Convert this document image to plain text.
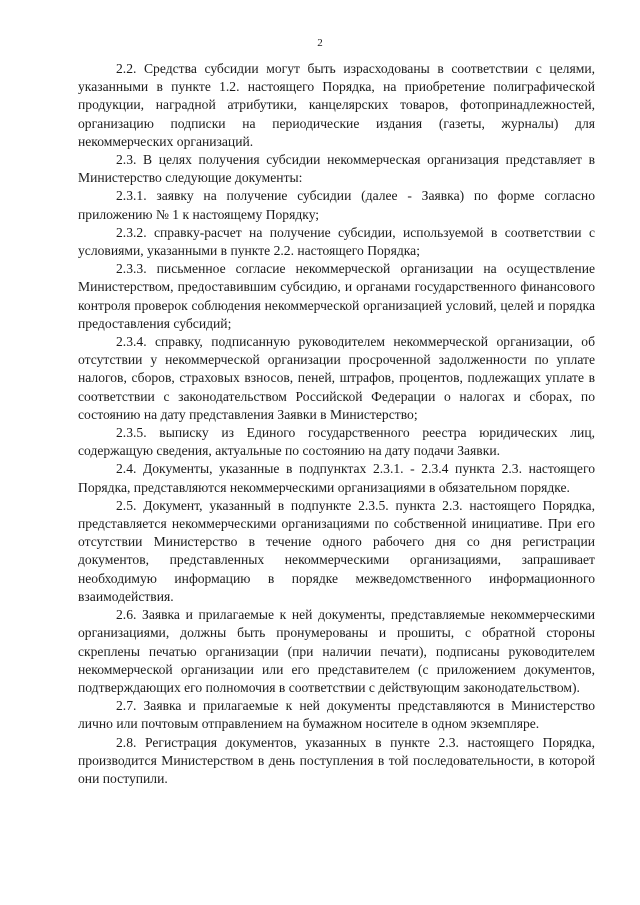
2

2.2. Средства субсидии могут быть израсходованы в соответствии с целями, указанными в пункте 1.2. настоящего Порядка, на приобретение полиграфической продукции, наградной атрибутики, канцелярских товаров, фотопринадлежностей, организацию подписки на периодические издания (газеты, журналы) для некоммерческих организаций.

2.3. В целях получения субсидии некоммерческая организация представляет в Министерство следующие документы:

2.3.1. заявку на получение субсидии (далее - Заявка) по форме согласно приложению № 1 к настоящему Порядку;

2.3.2. справку-расчет на получение субсидии, используемой в соответствии с условиями, указанными в пункте 2.2. настоящего Порядка;

2.3.3. письменное согласие некоммерческой организации на осуществление Министерством, предоставившим субсидию, и органами государственного финансового контроля проверок соблюдения некоммерческой организацией условий, целей и порядка предоставления субсидий;

2.3.4. справку, подписанную руководителем некоммерческой организации, об отсутствии у некоммерческой организации просроченной задолженности по уплате налогов, сборов, страховых взносов, пеней, штрафов, процентов, подлежащих уплате в соответствии с законодательством Российской Федерации о налогах и сборах, по состоянию на дату представления Заявки в Министерство;

2.3.5. выписку из Единого государственного реестра юридических лиц, содержащую сведения, актуальные по состоянию на дату подачи Заявки.

2.4. Документы, указанные в подпунктах 2.3.1. - 2.3.4 пункта 2.3. настоящего Порядка, представляются некоммерческими организациями в обязательном порядке.

2.5. Документ, указанный в подпункте 2.3.5. пункта 2.3. настоящего Порядка, представляется некоммерческими организациями по собственной инициативе. При его отсутствии Министерство в течение одного рабочего дня со дня регистрации документов, представленных некоммерческими организациями, запрашивает необходимую информацию в порядке межведомственного информационного взаимодействия.

2.6. Заявка и прилагаемые к ней документы, представляемые некоммерческими организациями, должны быть пронумерованы и прошиты, с обратной стороны скреплены печатью организации (при наличии печати), подписаны руководителем некоммерческой организации или его представителем (с приложением документов, подтверждающих его полномочия в соответствии с действующим законодательством).

2.7. Заявка и прилагаемые к ней документы представляются в Министерство лично или почтовым отправлением на бумажном носителе в одном экземпляре.

2.8. Регистрация документов, указанных в пункте 2.3. настоящего Порядка, производится Министерством в день поступления в той последовательности, в которой они поступили.
